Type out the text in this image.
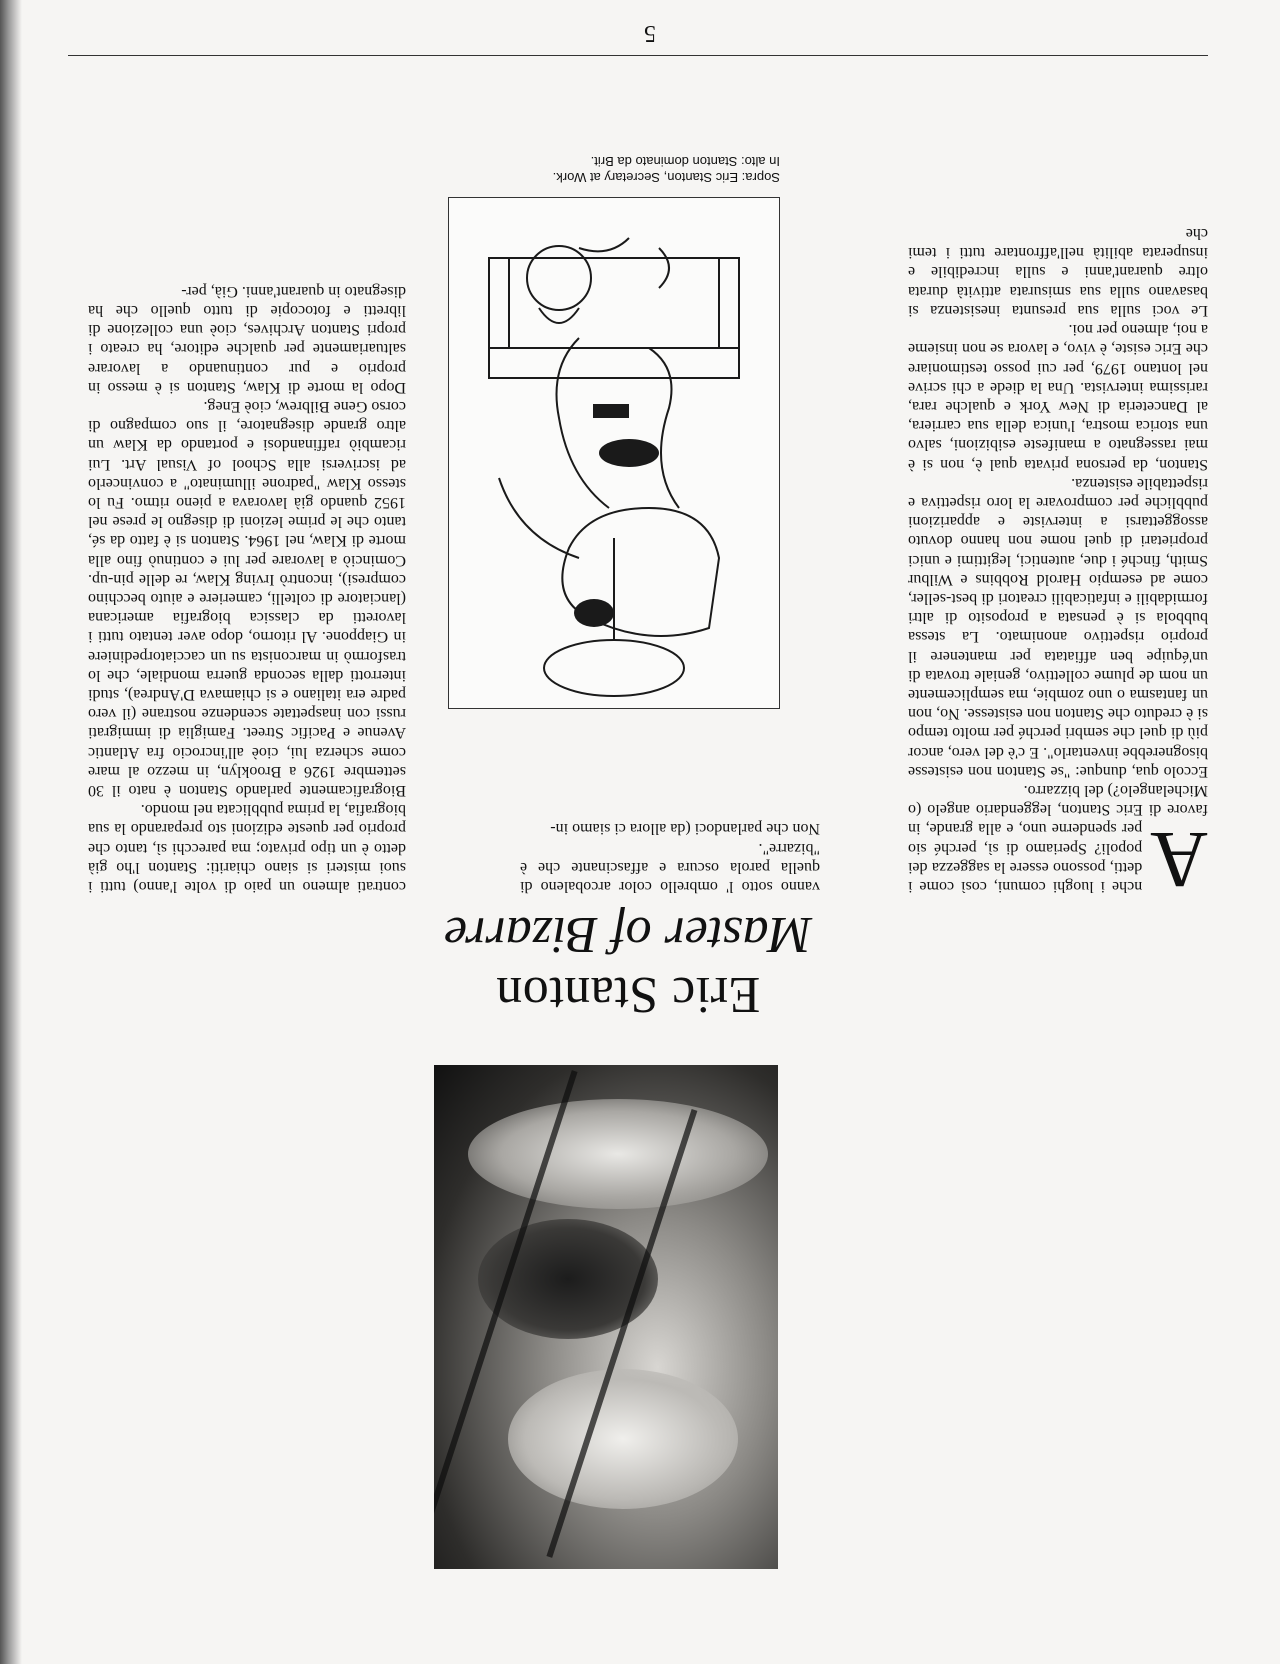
Eric Stanton
Master of Bizarre
A

nche i luoghi comuni, così come i detti, possono essere la saggezza dei popoli? Speriamo di sì, perché sio per spenderne uno, e alla grande, in favore di Eric Stanton, leggendario angelo (o Michelangelo?) del bizzarro.

Eccolo qua, dunque: "se Stanton non esistesse bisognerebbe inventarlo". E c'è del vero, ancor più di quel che sembri perché per molto tempo si è creduto che Stanton non esistesse. No, non un fantasma o uno zombie, ma semplicemente un nom de plume collettivo, geniale trovata di un'équipe ben affiatata per mantenere il proprio rispettivo anonimato. La stessa bubbola si è pensata a proposito di altri formidabili e infaticabili creatori di best-seller, come ad esempio Harold Robbins e Wilbur Smith, finché i due, autentici, legittimi e unici proprietari di quel nome non hanno dovuto assoggettarsi a interviste e apparizioni pubbliche per comprovare la loro rispettiva e rispettabile esistenza.

Stanton, da persona privata qual è, non si è mai rassegnato a manifeste esibizioni, salvo una storica mostra, l'unica della sua carriera, al Danceteria di New York e qualche rara, rarissima intervista. Una la diede a chi scrive nel lontano 1979, per cui posso testimoniare che Eric esiste, è vivo, e lavora se non insieme a noi, almeno per noi.

Le voci sulla sua presunta inesistenza si basavano sulla sua smisurata attività durata oltre quarant'anni e sulla incredibile e insuperata abilità nell'affrontare tutti i temi che

vanno sotto l' ombrello color arcobaleno di quella parola oscura e affascinante che è "bizarre".

Non che parlandoci (da allora ci siamo in-

Sopra: Eric Stanton, Secretary at Work.
In alto: Stanton dominato da Brit.

contrati almeno un paio di volte l'anno) tutti i suoi misteri si siano chiariti: Stanton l'ho già detto è un tipo privato; ma parecchi sì, tanto che proprio per queste edizioni sto preparando la sua biografia, la prima pubblicata nel mondo.

Biograficamente parlando Stanton è nato il 30 settembre 1926 a Brooklyn, in mezzo al mare come scherza lui, cioè all'incrocio fra Atlantic Avenue e Pacific Street. Famiglia di immigrati russi con inaspettate scendenze nostrane (il vero padre era italiano e si chiamava D'Andrea), studi interrotti dalla seconda guerra mondiale, che lo trasformò in marconista su un cacciatorpediniere in Giappone. Al ritorno, dopo aver tentato tutti i lavoretti da classica biografia americana (lanciatore di coltelli, cameriere e aiuto becchino compresi), incontrò Irving Klaw, re delle pin-up. Cominciò a lavorare per lui e continuò fino alla morte di Klaw, nel 1964. Stanton si è fatto da sé, tanto che le prime lezioni di disegno le prese nel 1952 quando già lavorava a pieno ritmo. Fu lo stesso Klaw "padrone illuminato" a convincerlo ad iscriversi alla School of Visual Art. Lui ricambiò raffinandosi e portando da Klaw un altro grande disegnatore, il suo compagno di corso Gene Bilbrew, cioè Eneg.

Dopo la morte di Klaw, Stanton si è messo in proprio e pur continuando a lavorare saltuariamente per qualche editore, ha creato i propri Stanton Archives, cioè una collezione di libretti e fotocopie di tutto quello che ha disegnato in quarant'anni. Già, per-

5
